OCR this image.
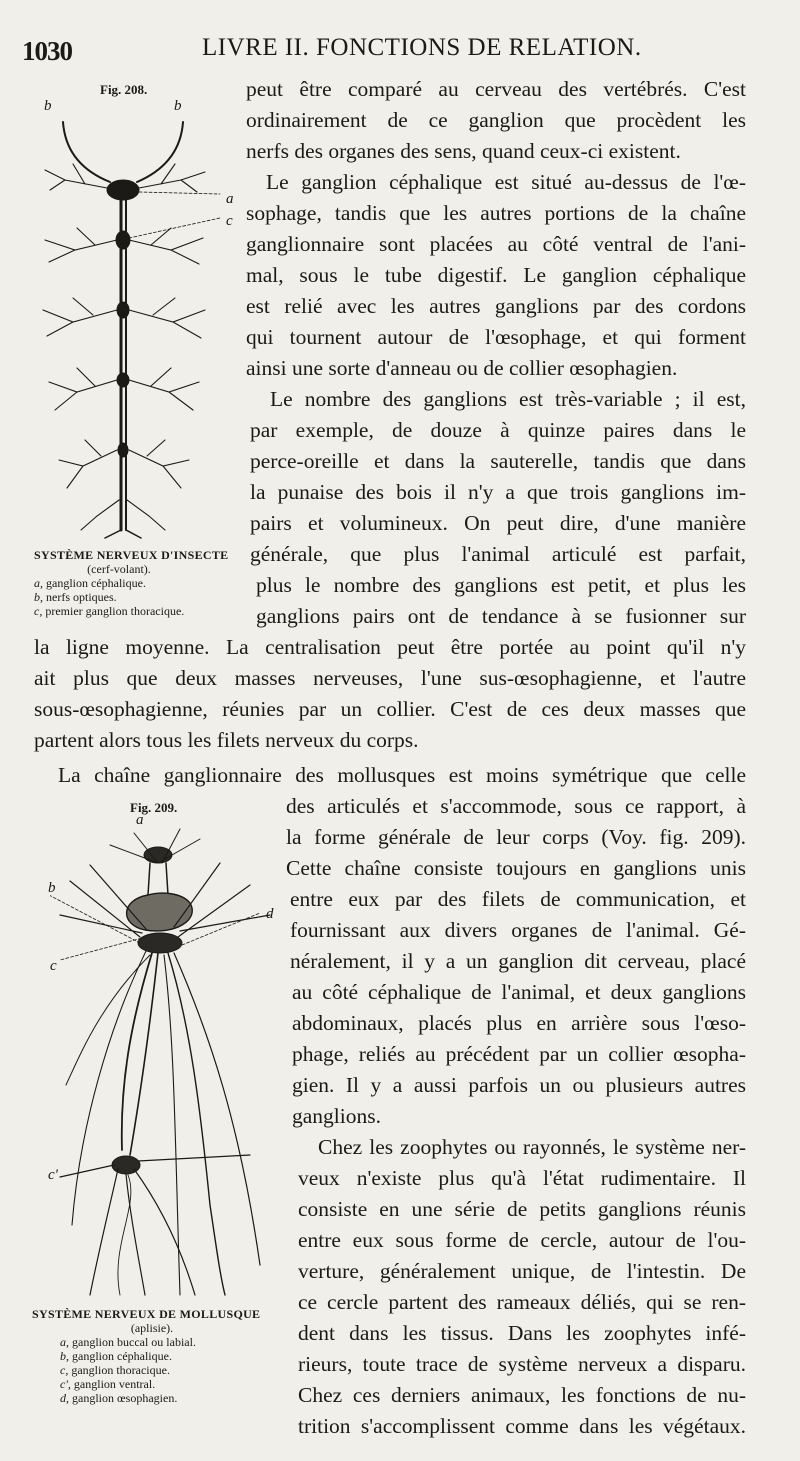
1030	LIVRE II. FONCTIONS DE RELATION.
Fig. 208.
b	b
a
c
SYSTÈME NERVEUX D'INSECTE
(cerf-volant).
a, ganglion céphalique.
b, nerfs optiques.
c, premier ganglion thoracique.
Fig. 209.
a
b
d
c
c'
SYSTÈME NERVEUX DE MOLLUSQUE
(aplisie).
a, ganglion buccal ou labial.
b, ganglion céphalique.
c, ganglion thoracique.
c', ganglion ventral.
d, ganglion œsophagien.
peut être comparé au cerveau des vertébrés. C'est
ordinairement de ce ganglion que procèdent les
nerfs des organes des sens, quand ceux-ci existent.
Le ganglion céphalique est situé au-dessus de l'œ-
sophage, tandis que les autres portions de la chaîne
ganglionnaire sont placées au côté ventral de l'ani-
mal, sous le tube digestif. Le ganglion céphalique
est relié avec les autres ganglions par des cordons
qui tournent autour de l'œsophage, et qui forment
ainsi une sorte d'anneau ou de collier œsophagien.
Le nombre des ganglions est très-variable ; il est,
par exemple, de douze à quinze paires dans le
perce-oreille et dans la sauterelle, tandis que dans
la punaise des bois il n'y a que trois ganglions im-
pairs et volumineux. On peut dire, d'une manière
générale, que plus l'animal articulé est parfait,
plus le nombre des ganglions est petit, et plus les
ganglions pairs ont de tendance à se fusionner sur
la ligne moyenne. La centralisation peut être portée au point qu'il n'y
ait plus que deux masses nerveuses, l'une sus-œsophagienne, et l'autre
sous-œsophagienne, réunies par un collier. C'est de ces deux masses que
partent alors tous les filets nerveux du corps.
La chaîne ganglionnaire des mollusques est moins symétrique que celle
des articulés et s'accommode, sous ce rapport, à
la forme générale de leur corps (Voy. fig. 209).
Cette chaîne consiste toujours en ganglions unis
entre eux par des filets de communication, et
fournissant aux divers organes de l'animal. Gé-
néralement, il y a un ganglion dit cerveau, placé
au côté céphalique de l'animal, et deux ganglions
abdominaux, placés plus en arrière sous l'œso-
phage, reliés au précédent par un collier œsopha-
gien. Il y a aussi parfois un ou plusieurs autres
ganglions.
Chez les zoophytes ou rayonnés, le système ner-
veux n'existe plus qu'à l'état rudimentaire. Il
consiste en une série de petits ganglions réunis
entre eux sous forme de cercle, autour de l'ou-
verture, généralement unique, de l'intestin. De
ce cercle partent des rameaux déliés, qui se ren-
dent dans les tissus. Dans les zoophytes infé-
rieurs, toute trace de système nerveux a disparu.
Chez ces derniers animaux, les fonctions de nu-
trition s'accomplissent comme dans les végétaux.
